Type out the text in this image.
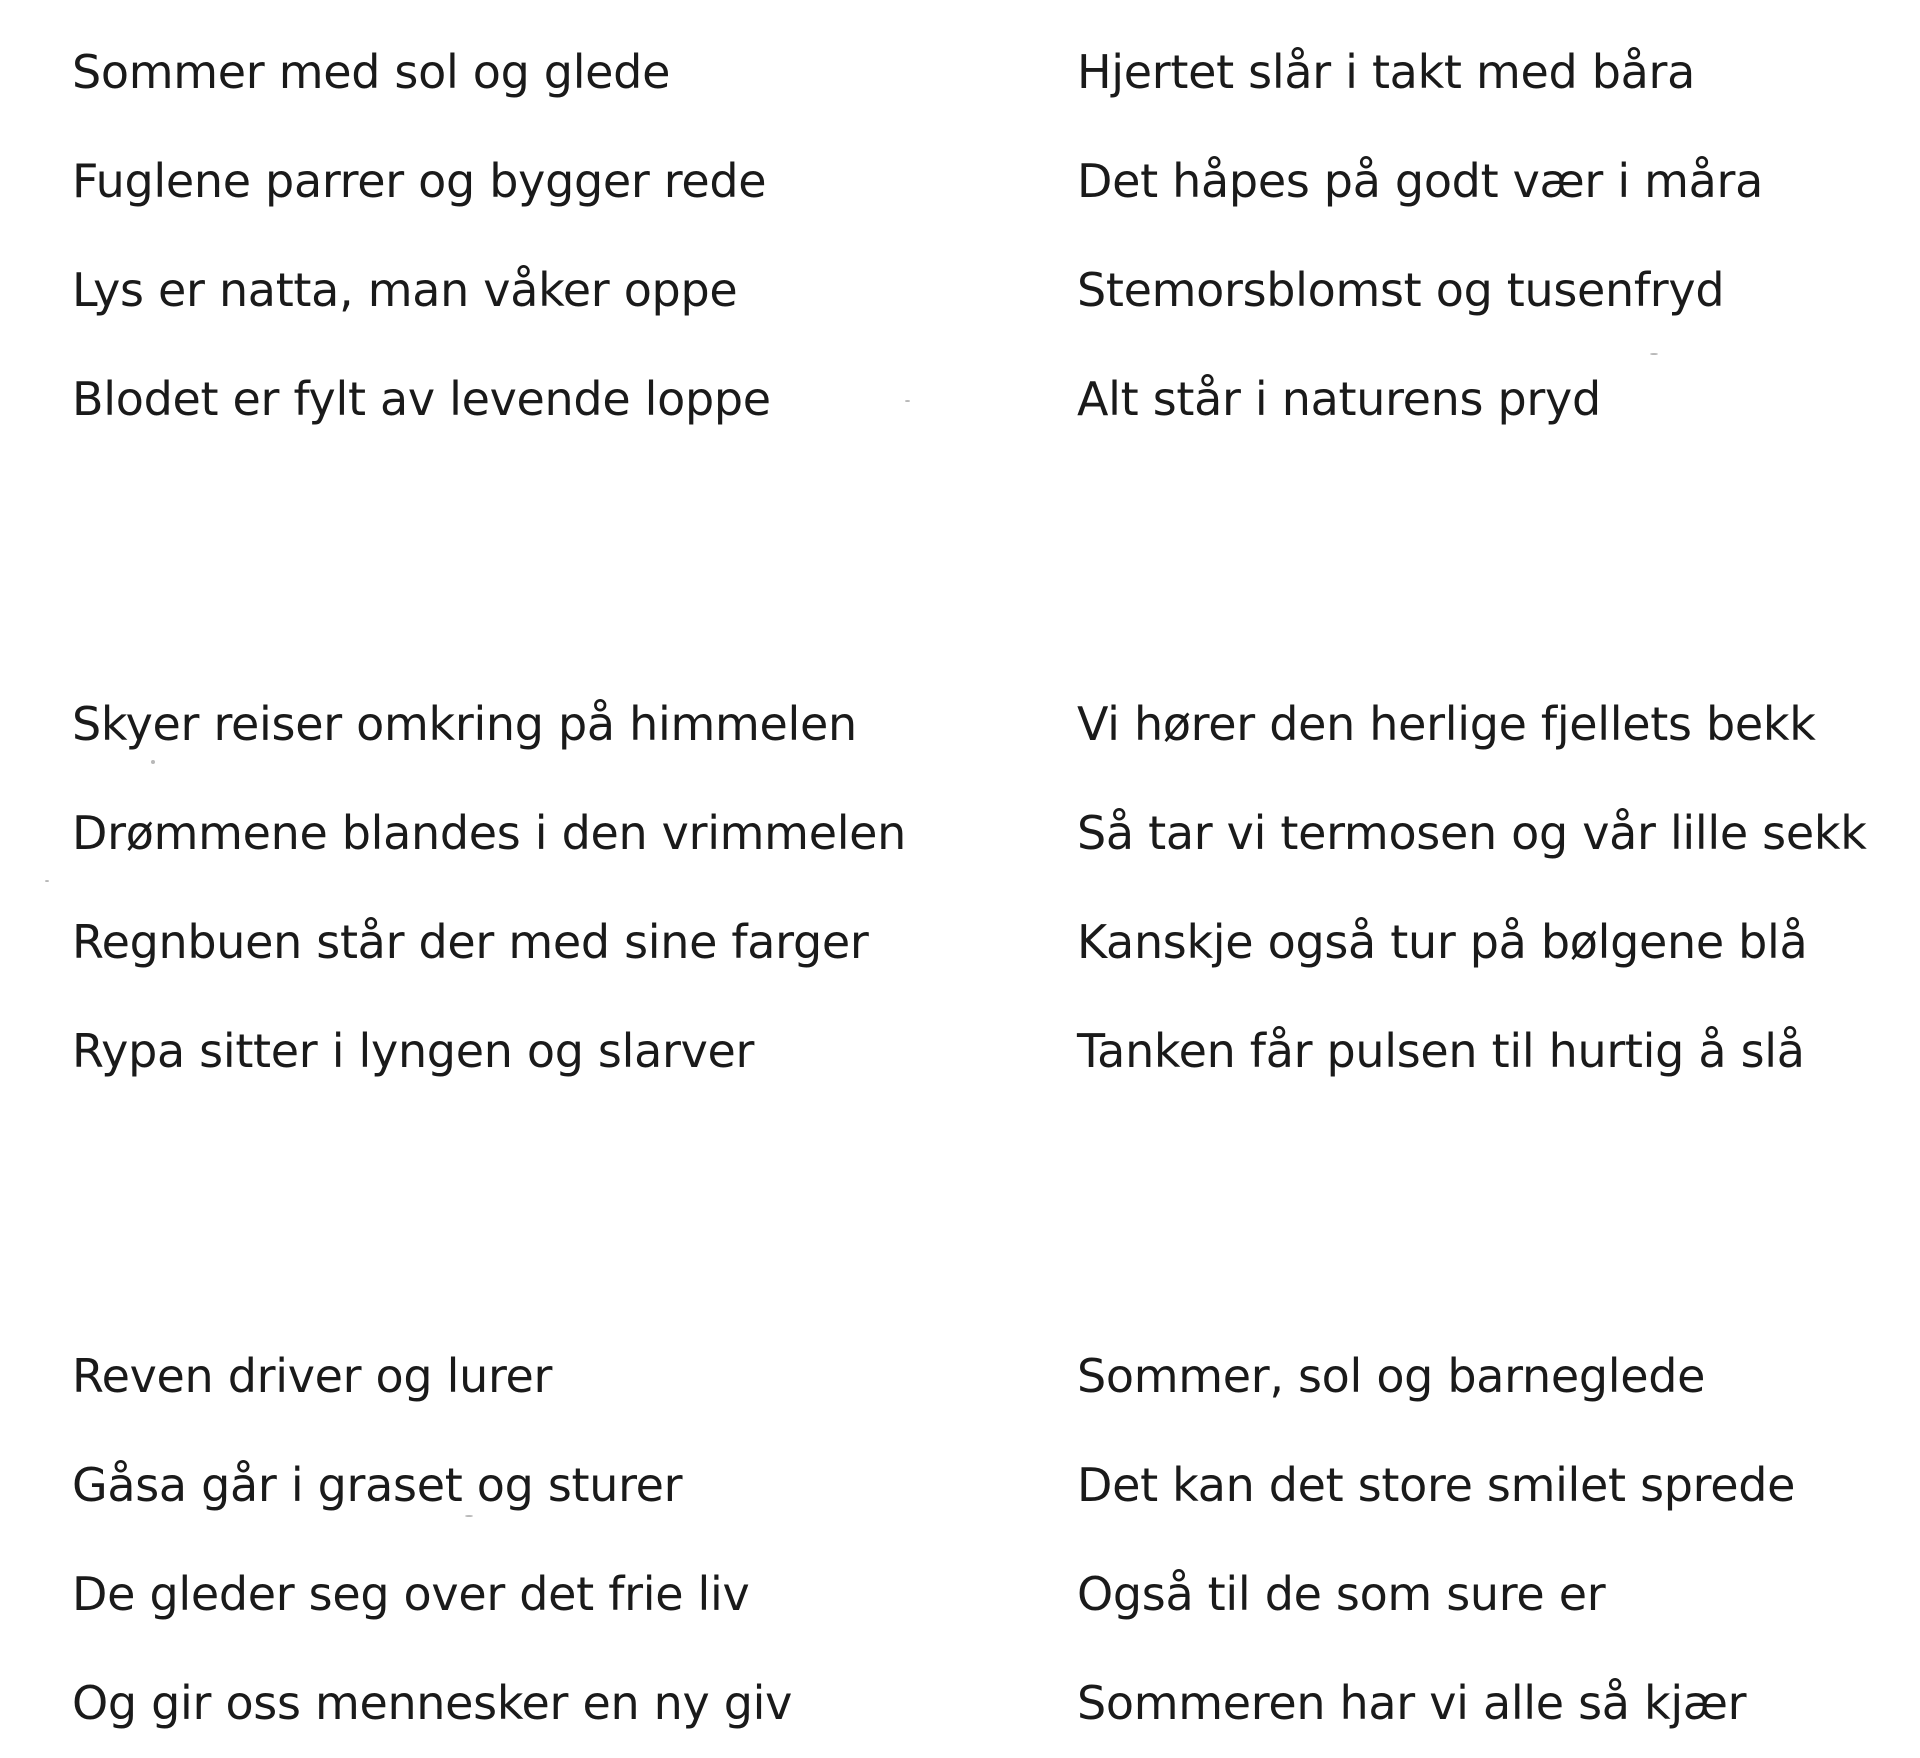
Sommer med sol og glede
Fuglene parrer og bygger rede
Lys er natta, man våker oppe
Blodet er fylt av levende loppe
Skyer reiser omkring på himmelen
Drømmene blandes i den vrimmelen
Regnbuen står der med sine farger
Rypa sitter i lyngen og slarver
Reven driver og lurer
Gåsa går i graset og sturer
De gleder seg over det frie liv
Og gir oss mennesker en ny giv
Hjertet slår i takt med båra
Det håpes på godt vær i måra
Stemorsblomst og tusenfryd
Alt står i naturens pryd
Vi hører den herlige fjellets bekk
Så tar vi termosen og vår lille sekk
Kanskje også tur på bølgene blå
Tanken får pulsen til hurtig å slå
Sommer, sol og barneglede
Det kan det store smilet sprede
Også til de som sure er
Sommeren har vi alle så kjær
